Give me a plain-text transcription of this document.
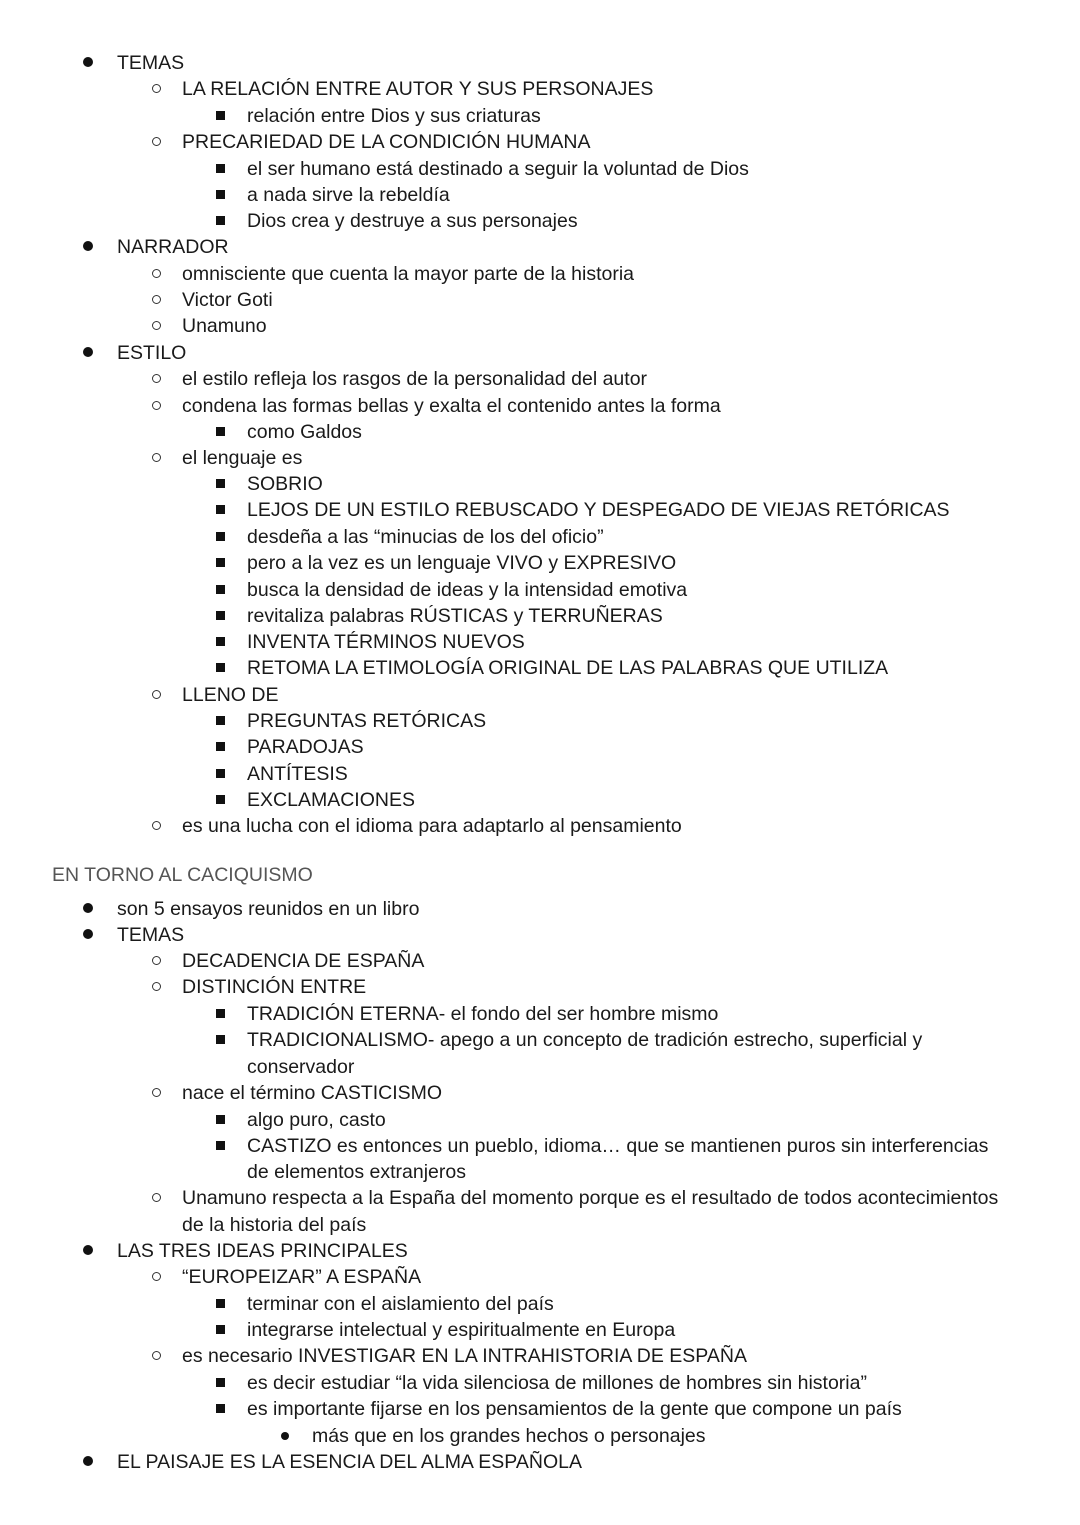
TEMAS
LA RELACIÓN ENTRE AUTOR Y SUS PERSONAJES
relación entre Dios y sus criaturas
PRECARIEDAD DE LA CONDICIÓN HUMANA
el ser humano está destinado a seguir la voluntad de Dios
a nada sirve la rebeldía
Dios crea y destruye a sus personajes
NARRADOR
omnisciente que cuenta la mayor parte de la historia
Victor Goti
Unamuno
ESTILO
el estilo refleja los rasgos de la personalidad del autor
condena las formas bellas y exalta el contenido antes la forma
como Galdos
el lenguaje es
SOBRIO
LEJOS DE UN ESTILO REBUSCADO Y DESPEGADO DE VIEJAS RETÓRICAS
desdeña a las “minucias de los del oficio”
pero a la vez es un lenguaje VIVO y EXPRESIVO
busca la densidad de ideas y la intensidad emotiva
revitaliza palabras RÚSTICAS y TERRUÑERAS
INVENTA TÉRMINOS NUEVOS
RETOMA LA ETIMOLOGÍA ORIGINAL DE LAS PALABRAS QUE UTILIZA
LLENO DE
PREGUNTAS RETÓRICAS
PARADOJAS
ANTÍTESIS
EXCLAMACIONES
es una lucha con el idioma para adaptarlo al pensamiento
EN TORNO AL CACIQUISMO
son 5 ensayos reunidos en un libro
TEMAS
DECADENCIA DE ESPAÑA
DISTINCIÓN ENTRE
TRADICIÓN ETERNA- el fondo del ser hombre mismo
TRADICIONALISMO- apego a un concepto de tradición estrecho, superficial y
conservador
nace el término CASTICISMO
algo puro, casto
CASTIZO es entonces un pueblo, idioma… que se mantienen puros sin interferencias
de elementos extranjeros
Unamuno respecta a la España del momento porque es el resultado de todos acontecimientos
de la historia del país
LAS TRES IDEAS PRINCIPALES
“EUROPEIZAR” A ESPAÑA
terminar con el aislamiento del país
integrarse intelectual y espiritualmente en Europa
es necesario INVESTIGAR EN LA INTRAHISTORIA DE ESPAÑA
es decir estudiar “la vida silenciosa de millones de hombres sin historia”
es importante fijarse en los pensamientos de la gente que compone un país
más que en los grandes hechos o personajes
EL PAISAJE ES LA ESENCIA DEL ALMA ESPAÑOLA
